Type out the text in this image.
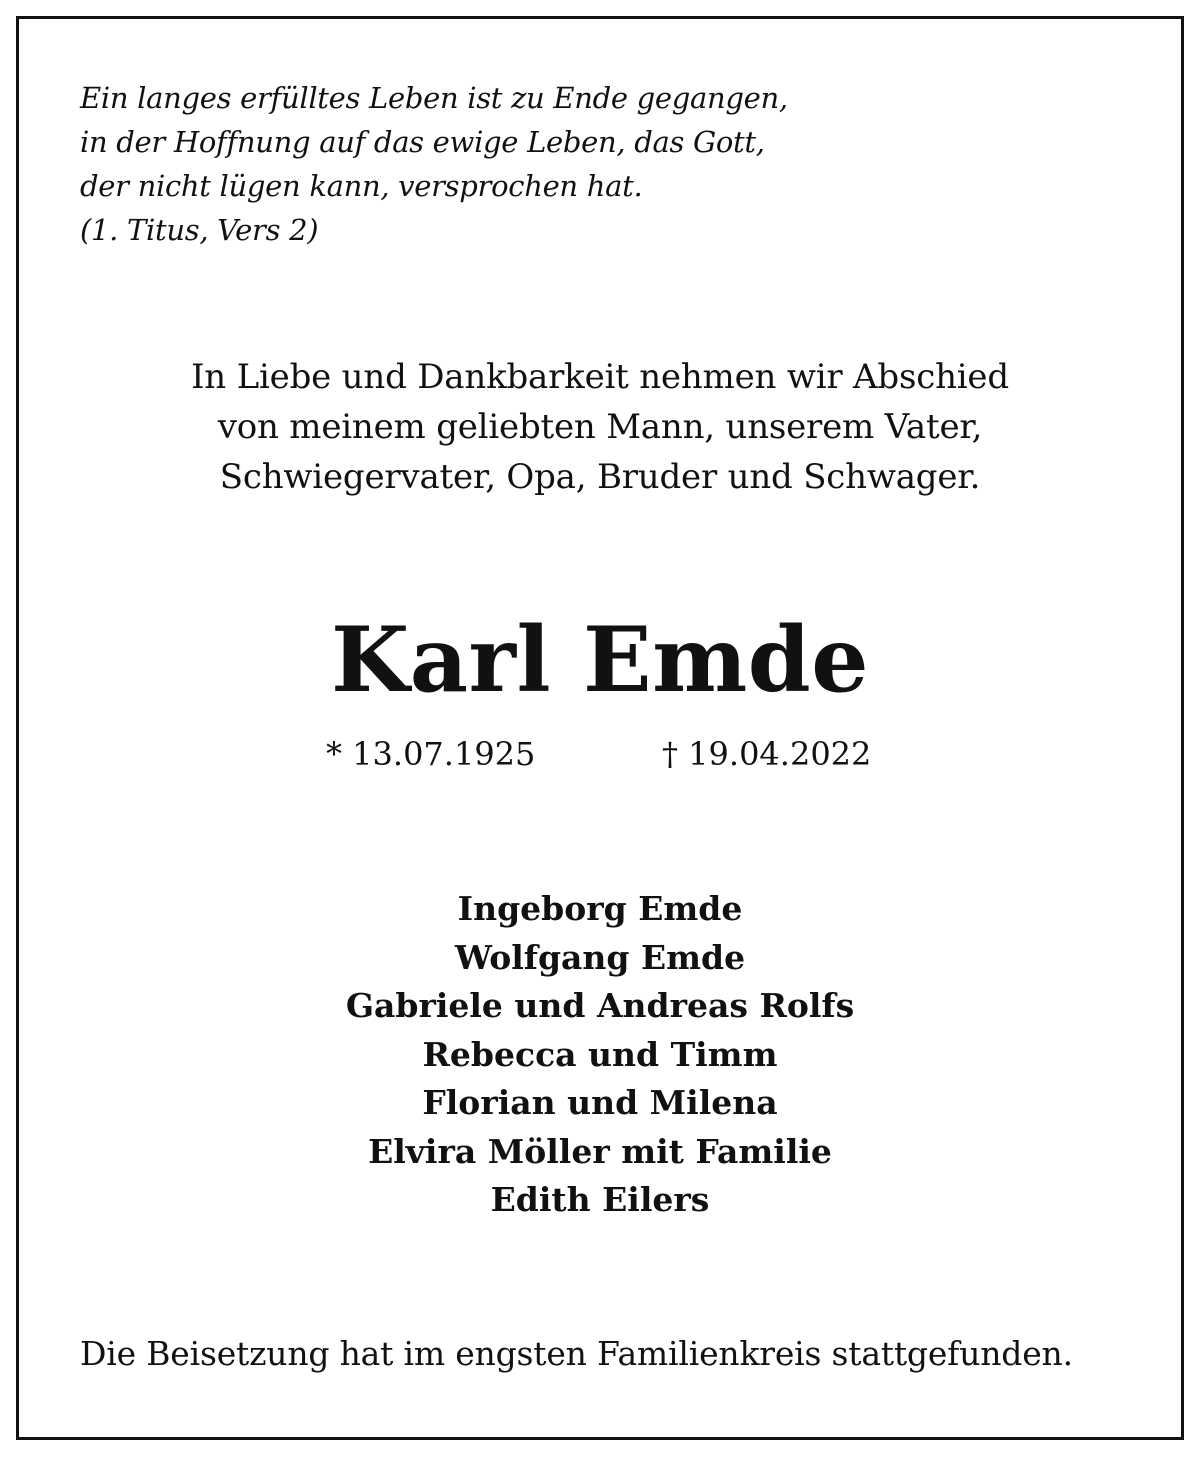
Ein langes erfülltes Leben ist zu Ende gegangen,
in der Hoffnung auf das ewige Leben, das Gott,
der nicht lügen kann, versprochen hat.
(1. Titus, Vers 2)
In Liebe und Dankbarkeit nehmen wir Abschied
von meinem geliebten Mann, unserem Vater,
Schwiegervater, Opa, Bruder und Schwager.
Karl Emde
* 13.07.1925	† 19.04.2022
Ingeborg Emde
Wolfgang Emde
Gabriele und Andreas Rolfs
Rebecca und Timm
Florian und Milena
Elvira Möller mit Familie
Edith Eilers
Die Beisetzung hat im engsten Familienkreis stattgefunden.
